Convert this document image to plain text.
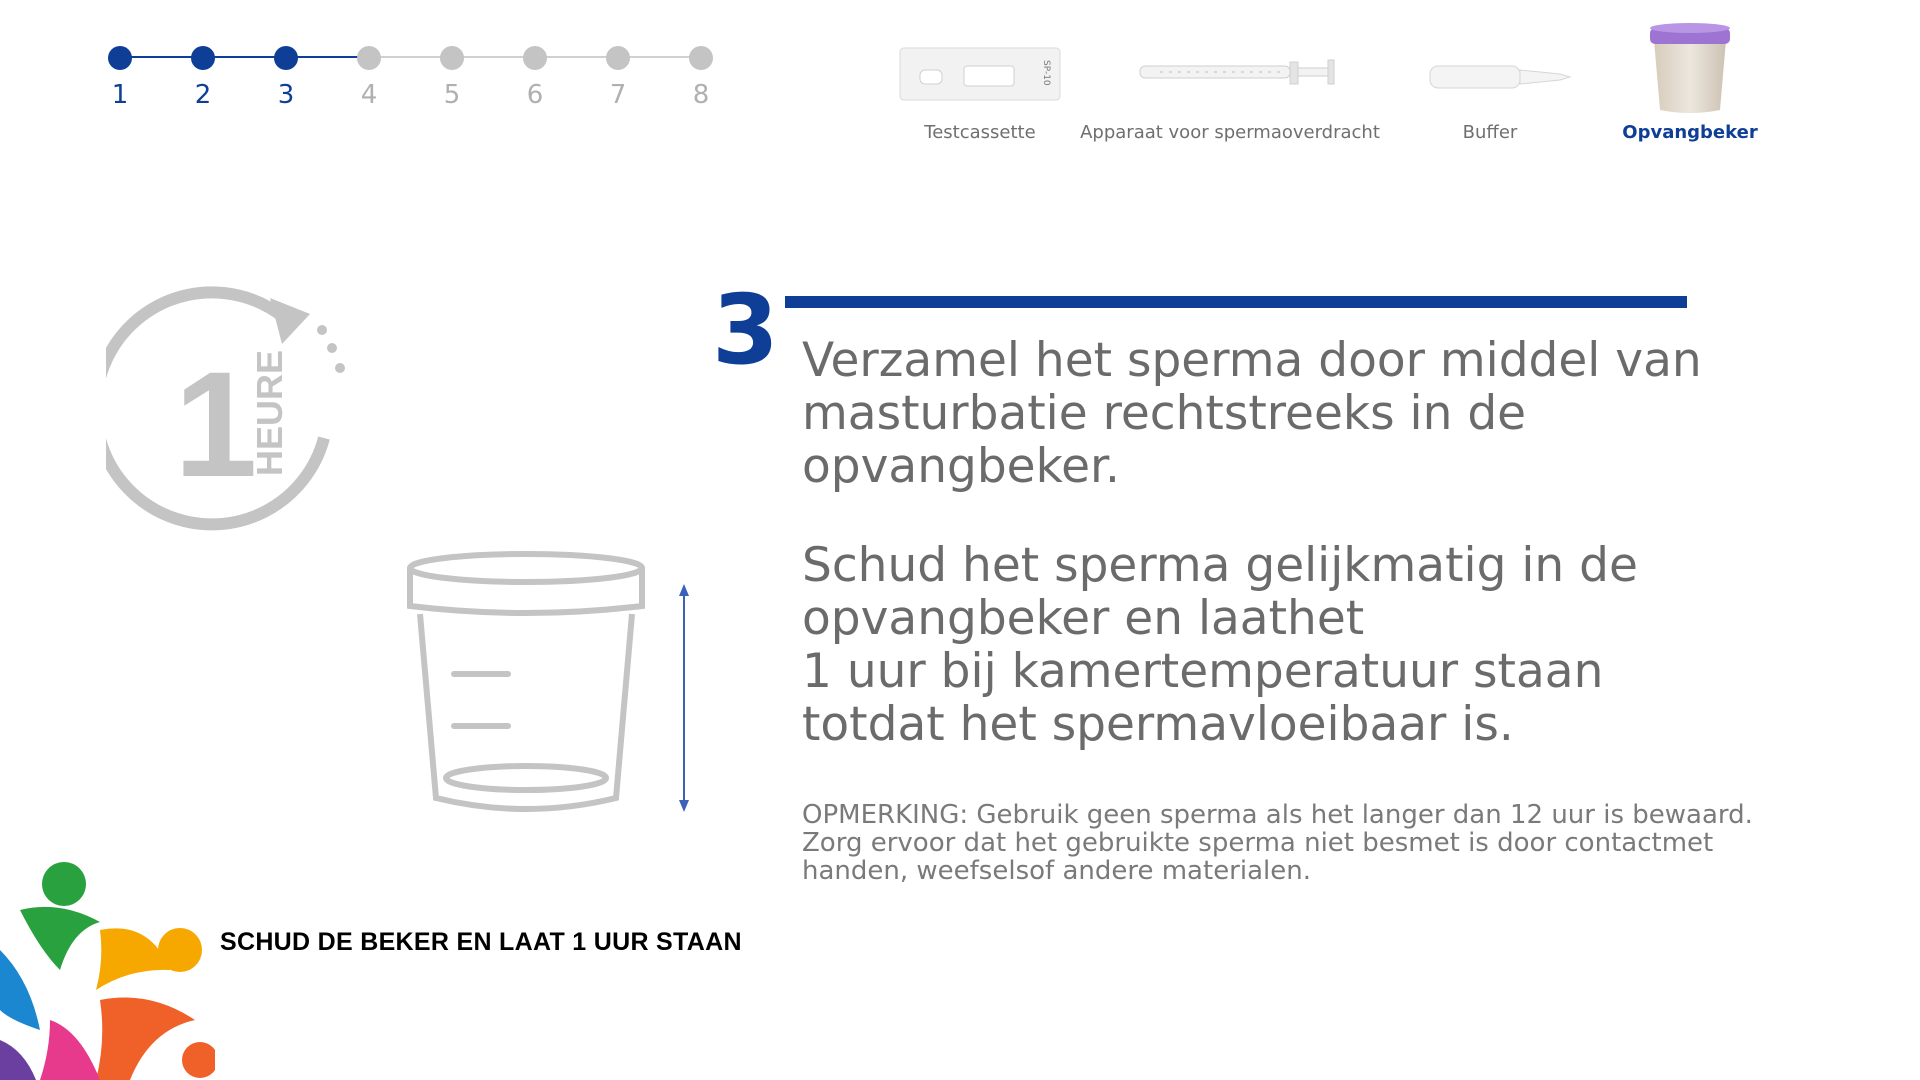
1	2	3	4	5	6	7	8
SP-10
Testcassette	Apparaat voor spermaoverdracht	Buffer	Opvangbeker
1
HEURE
3 Verzamel het sperma door middel van
masturbatie rechtstreeks in de
opvangbeker.

Schud het sperma gelijkmatig in de
opvangbeker en laathet
1 uur bij kamertemperatuur staan
totdat het spermavloeibaar is.

OPMERKING: Gebruik geen sperma als het langer dan 12 uur is bewaard.
Zorg ervoor dat het gebruikte sperma niet besmet is door contactmet
handen, weefselsof andere materialen.
SCHUD DE BEKER EN LAAT 1 UUR STAAN
